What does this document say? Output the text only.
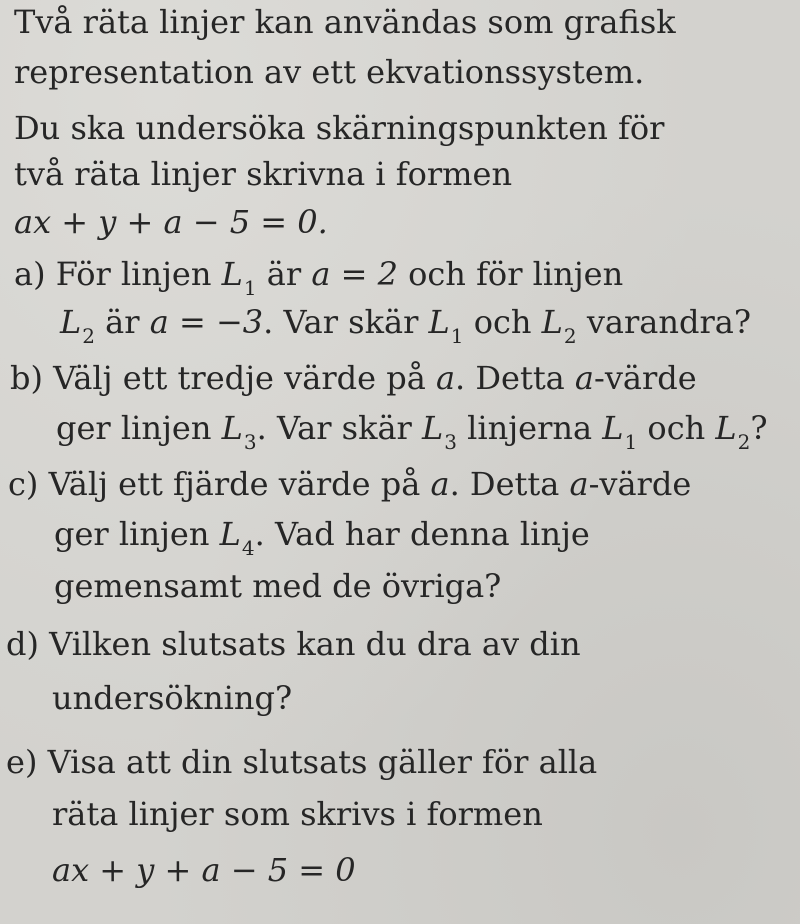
Två räta linjer kan användas som grafisk
representation av ett ekvationssystem.
Du ska undersöka skärningspunkten för
två räta linjer skrivna i formen
ax + y + a − 5 = 0.
a) För linjen $L_1$ är a = 2 och för linjen
$L_2$ är a = −3. Var skär $L_1$ och $L_2$ varandra?
b) Välj ett tredje värde på a. Detta a-värde
ger linjen $L_3$. Var skär $L_3$ linjerna $L_1$ och $L_2$?
c) Välj ett fjärde värde på a. Detta a-värde
ger linjen $L_4$. Vad har denna linje
gemensamt med de övriga?
d) Vilken slutsats kan du dra av din
undersökning?
e) Visa att din slutsats gäller för alla
räta linjer som skrivs i formen
ax + y + a − 5 = 0
